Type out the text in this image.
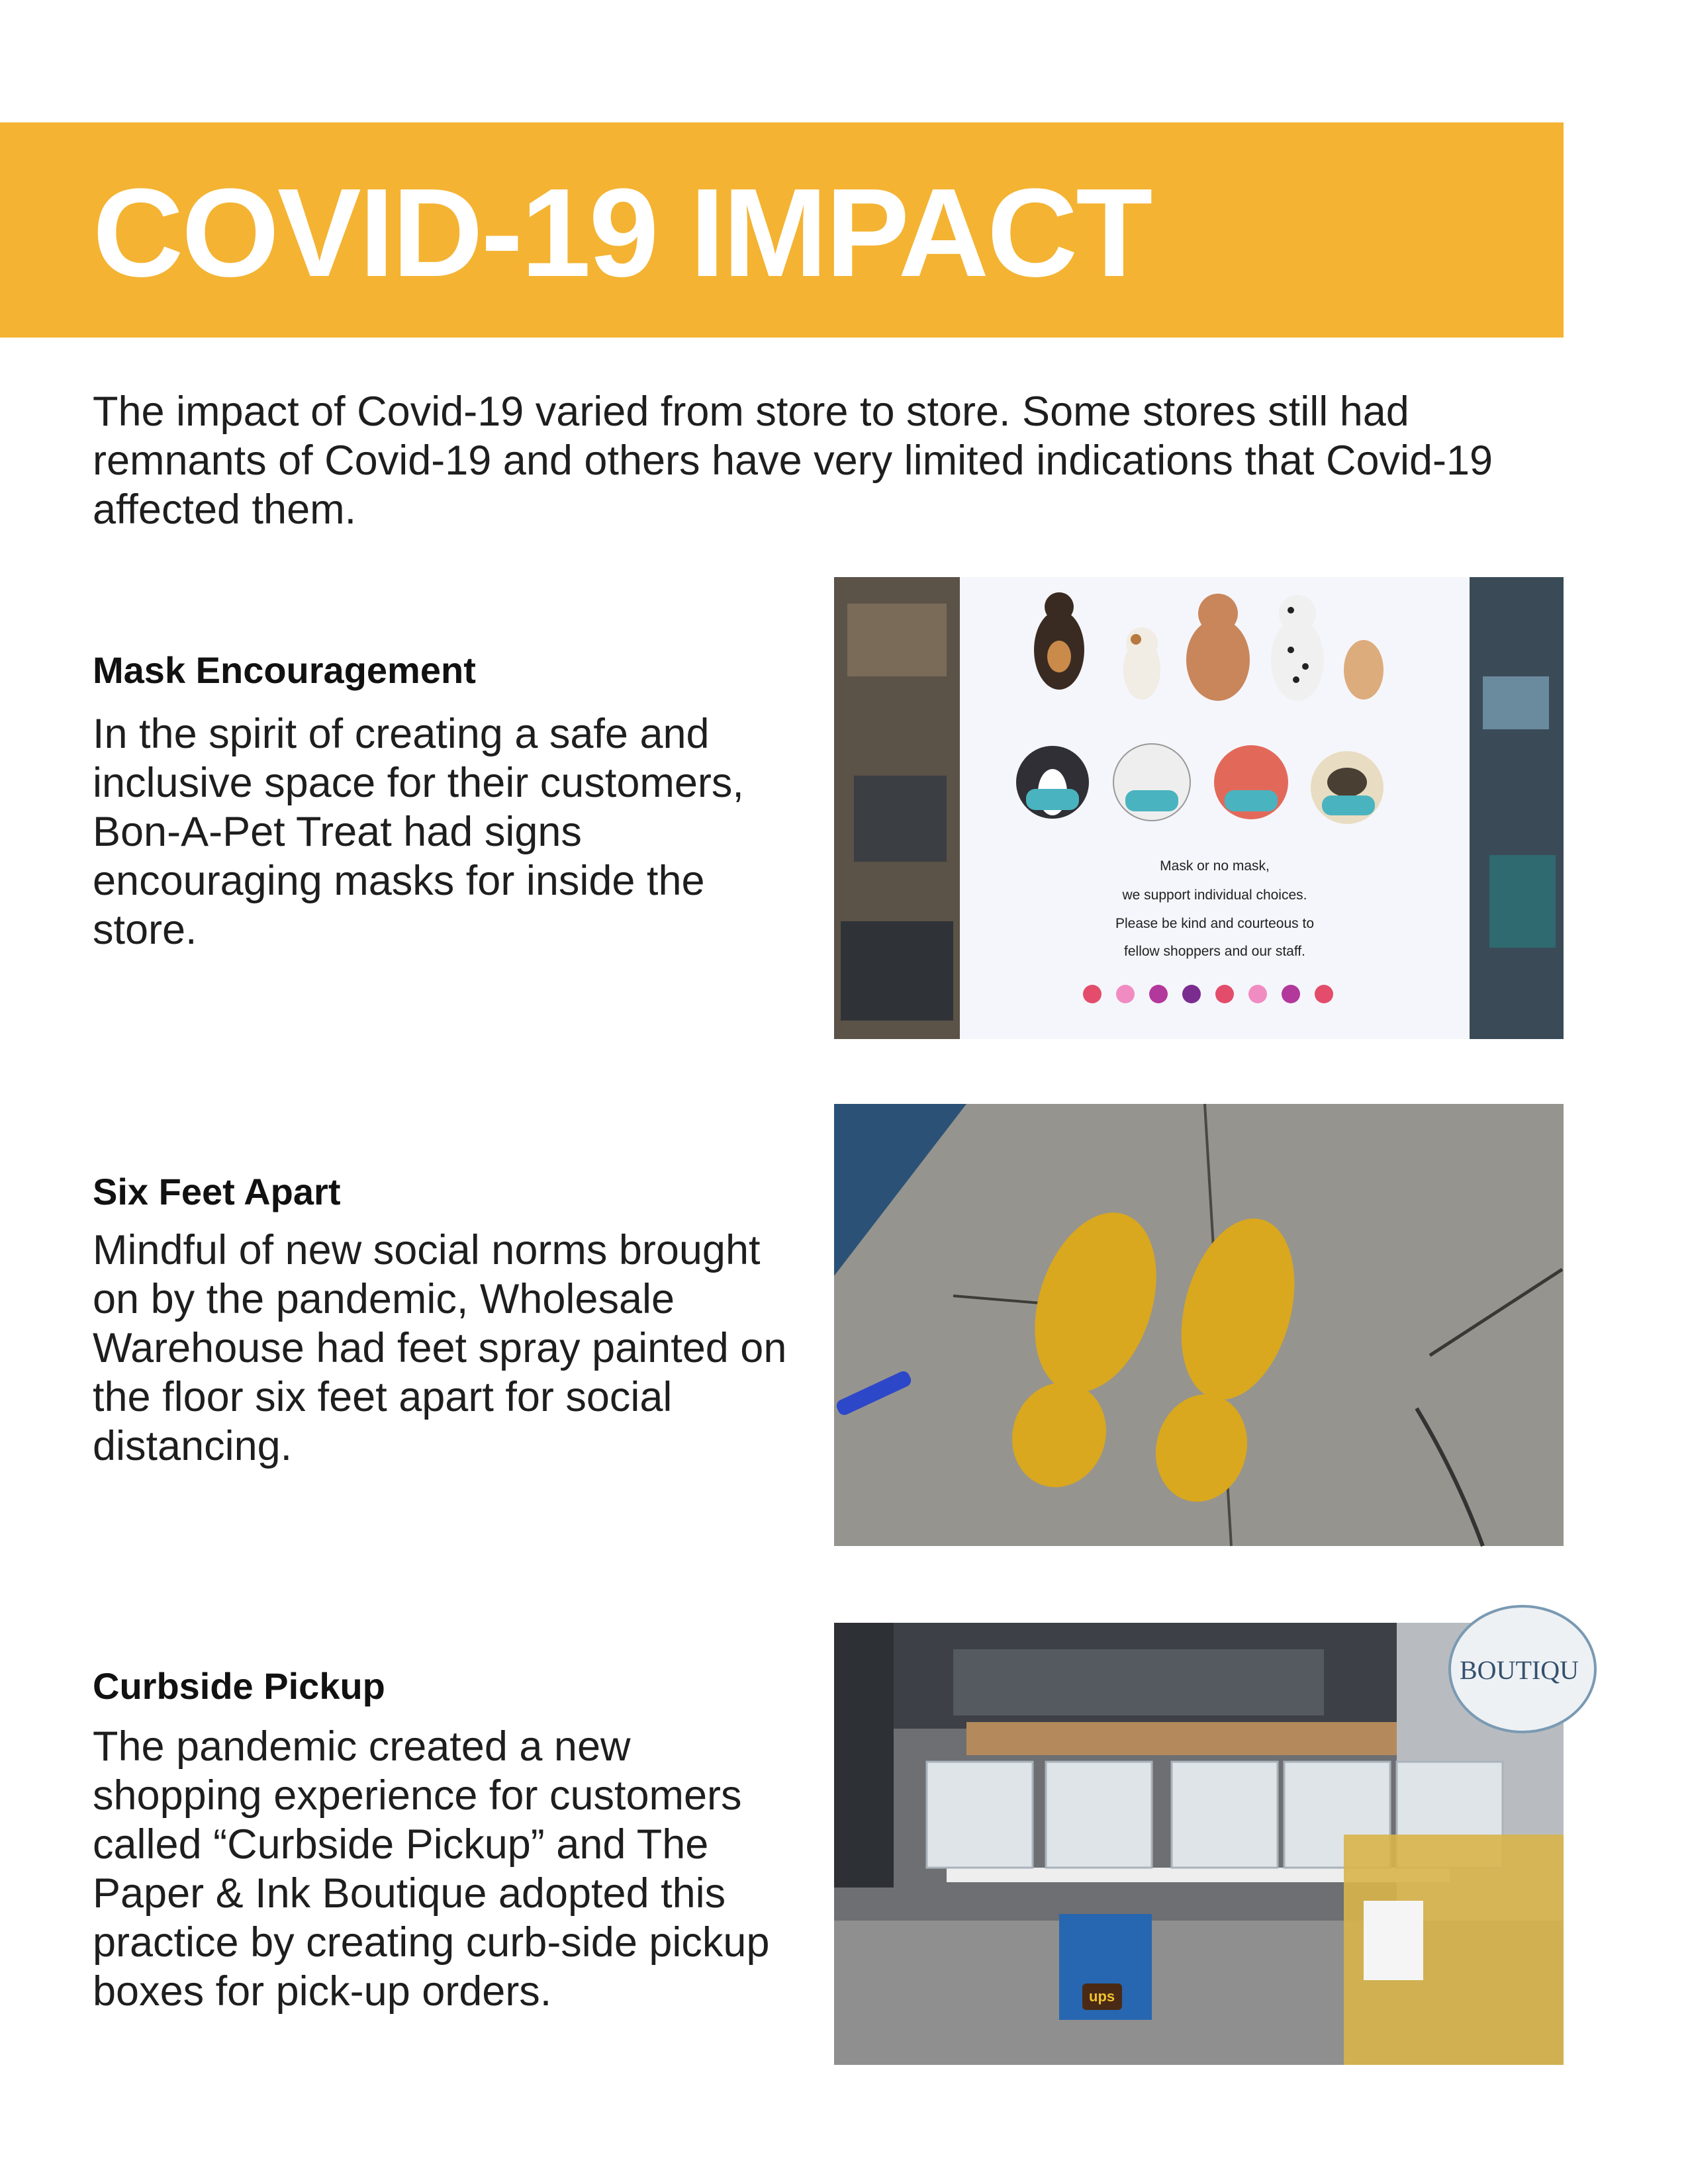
COVID-19 IMPACT

The impact of Covid-19 varied from store to store. Some stores still had remnants of Covid-19 and others have very limited indications that Covid-19 affected them.

Mask Encouragement

In the spirit of creating a safe and inclusive space for their customers, Bon-A-Pet Treat had signs encouraging masks for inside the store.

Mask or no mask,
we support individual choices.
Please be kind and courteous to
fellow shoppers and our staff.
Six Feet Apart

Mindful of new social norms brought on by the pandemic, Wholesale Warehouse had feet spray painted on the floor six feet apart for social distancing.

Curbside Pickup

The pandemic created a new shopping experience for customers called “Curbside Pickup” and The Paper & Ink Boutique adopted this practice by creating curb-side pickup boxes for pick-up orders.

BOUTIQU
ups
